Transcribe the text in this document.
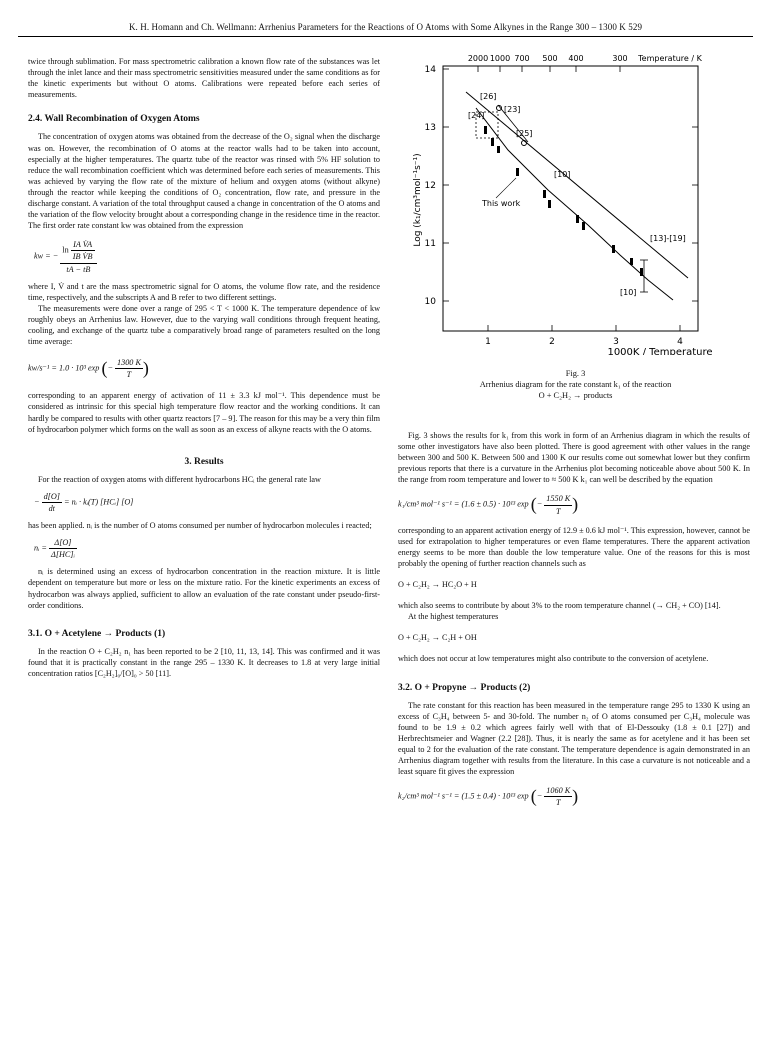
K. H. Homann and Ch. Wellmann: Arrhenius Parameters for the Reactions of O Atoms with Some Alkynes in the Range 300 – 1300 K 529

twice through sublimation. For mass spectrometric calibration a known flow rate of the substances was let through the inlet lance and their mass spectrometric sensitivities measured under the same conditions as for the kinetic experiments but without O atoms. Calibrations were repeated before each series of measurements.

2.4. Wall Recombination of Oxygen Atoms

The concentration of oxygen atoms was obtained from the decrease of the O₂ signal when the discharge was on. However, the recombination of O atoms at the reactor walls had to be taken into account, especially at the higher temperatures. The quartz tube of the reactor was rinsed with 5% HF solution to reduce the wall recombination coefficient which was determined before each series of measurements. This was achieved by varying the flow rate of the mixture of helium and oxygen atoms (without alkyne) through the reactor while keeping the conditions of O₂ concentration, flow rate, and pressure in the discharge constant. A variation of the total throughput caused a change in concentration of the O atoms and the variation of the flow velocity brought about a corresponding change in the residence time in the reactor. The first order rate constant kw was obtained from the expression

kw = − $\frac{\ln \frac{\text{IA V̇A}}{\text{IB V̇B}}}{tA - tB}$

where I, V̇ and t are the mass spectrometric signal for O atoms, the volume flow rate, and the residence time, respectively, and the subscripts A and B refer to two different settings.

The measurements were done over a range of 295 < T < 1000 K. The temperature dependence of kw roughly obeys an Arrhenius law. However, due to the varying wall conditions through frequent heating, cooling, and exchange of the quartz tube a comparatively broad range of parameters resulted on the long time average:

kw/s⁻¹ = 1.0 · 10³ exp (− $\frac{1300 K}{T}$ )

corresponding to an apparent energy of activation of 11 ± 3.3 kJ mol⁻¹. This dependence must be considered as intrinsic for this special high temperature flow reactor and the working conditions. It can hardly be compared to results with other quartz reactors [7 – 9]. The reason for this may be a very thin film of hydrocarbon polymer which forms on the wall as soon as an excess of alkyne reacts with the O atoms.

3. Results

For the reaction of oxygen atoms with different hydrocarbons HCᵢ the general rate law

− $\frac{d[O]}{dt}$ = nᵢ · kᵢ(T) [HCᵢ] [O]

has been applied. nᵢ is the number of O atoms consumed per number of hydrocarbon molecules i reacted;

nᵢ = $\frac{\Delta[O]}{\text{Δ[HC]ᵢ}}$

nᵢ is determined using an excess of hydrocarbon concentration in the reaction mixture. It is little dependent on temperature but more or less on the mixture ratio. For the kinetic experiments an excess of hydrocarbon was always applied, sufficient to allow an evaluation of the rate constant under pseudo-first-order conditions.

3.1. O + Acetylene → Products (1)

In the reaction O + C₂H₂ n₁ has been reported to be 2 [10, 11, 13, 14]. This was confirmed and it was found that it is practically constant in the range 295 – 1330 K. It decreases to 1.8 at very large initial concentration ratios [C₂H₂]₀/[O]₀ > 50 [11].

2000 1000 700 500 400	300 Temperature / K
14
13
12
11
10
Log (k₁/cm³mol⁻¹s⁻¹)
1	2	3	4
1000K / Temperature
[26]
[24]
[23]
[25]
[10]
This work
[13]-[19]
[10]
Fig. 3
Arrhenius diagram for the rate constant k₁ of the reaction
O + C₂H₂ → products

Fig. 3 shows the results for k₁ from this work in form of an Arrhenius diagram in which the results of some other investigators have also been plotted. There is good agreement with other values in the range between 300 and 500 K. Between 500 and 1300 K our results come out somewhat lower but they confirm previous reports that there is a curvature in the Arrhenius plot becoming noticeable above about 500 K. In the range from room temperature and lower to ≈ 500 K k₁ can well be described by the equation

k₁/cm³ mol⁻¹ s⁻¹ = (1.6 ± 0.5) · 10¹³ exp (− $\frac{1550 K}{T}$ )

corresponding to an apparent activation energy of 12.9 ± 0.6 kJ mol⁻¹. This expression, however, cannot be used for extrapolation to higher temperatures or even flame temperatures. There the apparent activation energy seems to be more than double the low temperature value. One of the reasons for this is most probably the opening of further reaction channels such as

O + C₂H₂ → HC₂O + H

which also seems to contribute by about 3% to the room temperature channel (→ CH₂ + CO) [14].

At the highest temperatures

O + C₂H₂ → C₂H + OH

which does not occur at low temperatures might also contribute to the conversion of acetylene.

3.2. O + Propyne → Products (2)

The rate constant for this reaction has been measured in the temperature range 295 to 1330 K using an excess of C₃H₄ between 5- and 30-fold. The number n₂ of O atoms consumed per C₃H₄ molecule was found to be 1.9 ± 0.2 which agrees fairly well with that of El-Dessouky (1.8 ± 0.1 [27]) and Herbrechtsmeier and Wagner (2.2 [28]). Thus, it is nearly the same as for acetylene and it has been set equal to 2 for the evaluation of the rate constant. The temperature dependence is again demonstrated in an Arrhenius diagram together with results from the literature. In this case a curvature is not noticeable and a least square fit gives the expression

k₂/cm³ mol⁻¹ s⁻¹ = (1.5 ± 0.4) · 10¹³ exp (− $\frac{1060 K}{T}$ )
